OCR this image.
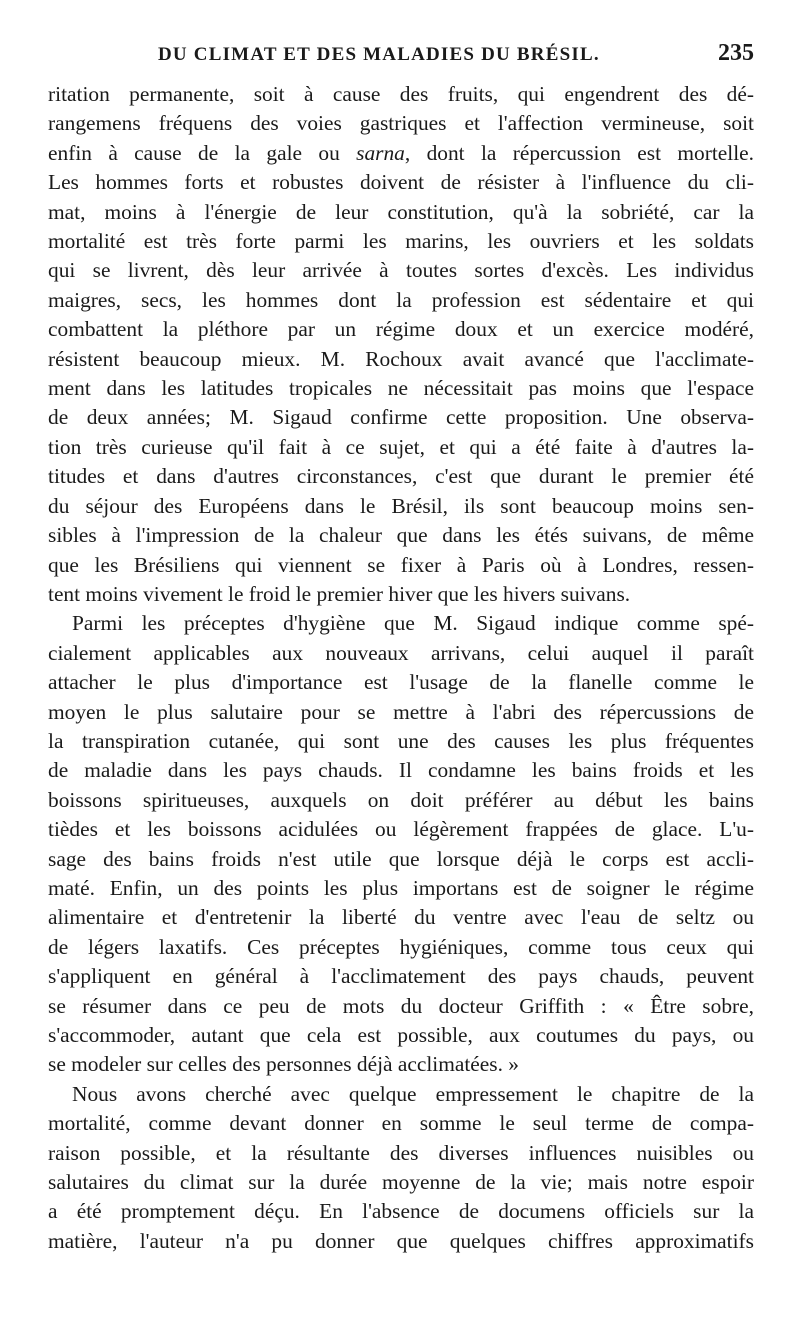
DU CLIMAT ET DES MALADIES DU BRÉSIL.	235

ritation permanente, soit à cause des fruits, qui engendrent des dé-
rangemens fréquens des voies gastriques et l'affection vermineuse, soit
enfin à cause de la gale ou sarna, dont la répercussion est mortelle.
Les hommes forts et robustes doivent de résister à l'influence du cli-
mat, moins à l'énergie de leur constitution, qu'à la sobriété, car la
mortalité est très forte parmi les marins, les ouvriers et les soldats
qui se livrent, dès leur arrivée à toutes sortes d'excès. Les individus
maigres, secs, les hommes dont la profession est sédentaire et qui
combattent la pléthore par un régime doux et un exercice modéré,
résistent beaucoup mieux. M. Rochoux avait avancé que l'acclimate-
ment dans les latitudes tropicales ne nécessitait pas moins que l'espace
de deux années; M. Sigaud confirme cette proposition. Une observa-
tion très curieuse qu'il fait à ce sujet, et qui a été faite à d'autres la-
titudes et dans d'autres circonstances, c'est que durant le premier été
du séjour des Européens dans le Brésil, ils sont beaucoup moins sen-
sibles à l'impression de la chaleur que dans les étés suivans, de même
que les Brésiliens qui viennent se fixer à Paris où à Londres, ressen-
tent moins vivement le froid le premier hiver que les hivers suivans.

Parmi les préceptes d'hygiène que M. Sigaud indique comme spé-
cialement applicables aux nouveaux arrivans, celui auquel il paraît
attacher le plus d'importance est l'usage de la flanelle comme le
moyen le plus salutaire pour se mettre à l'abri des répercussions de
la transpiration cutanée, qui sont une des causes les plus fréquentes
de maladie dans les pays chauds. Il condamne les bains froids et les
boissons spiritueuses, auxquels on doit préférer au début les bains
tièdes et les boissons acidulées ou légèrement frappées de glace. L'u-
sage des bains froids n'est utile que lorsque déjà le corps est accli-
maté. Enfin, un des points les plus importans est de soigner le régime
alimentaire et d'entretenir la liberté du ventre avec l'eau de seltz ou
de légers laxatifs. Ces préceptes hygiéniques, comme tous ceux qui
s'appliquent en général à l'acclimatement des pays chauds, peuvent
se résumer dans ce peu de mots du docteur Griffith : « Être sobre,
s'accommoder, autant que cela est possible, aux coutumes du pays, ou
se modeler sur celles des personnes déjà acclimatées. »

Nous avons cherché avec quelque empressement le chapitre de la
mortalité, comme devant donner en somme le seul terme de compa-
raison possible, et la résultante des diverses influences nuisibles ou
salutaires du climat sur la durée moyenne de la vie; mais notre espoir
a été promptement déçu. En l'absence de documens officiels sur la
matière, l'auteur n'a pu donner que quelques chiffres approximatifs
